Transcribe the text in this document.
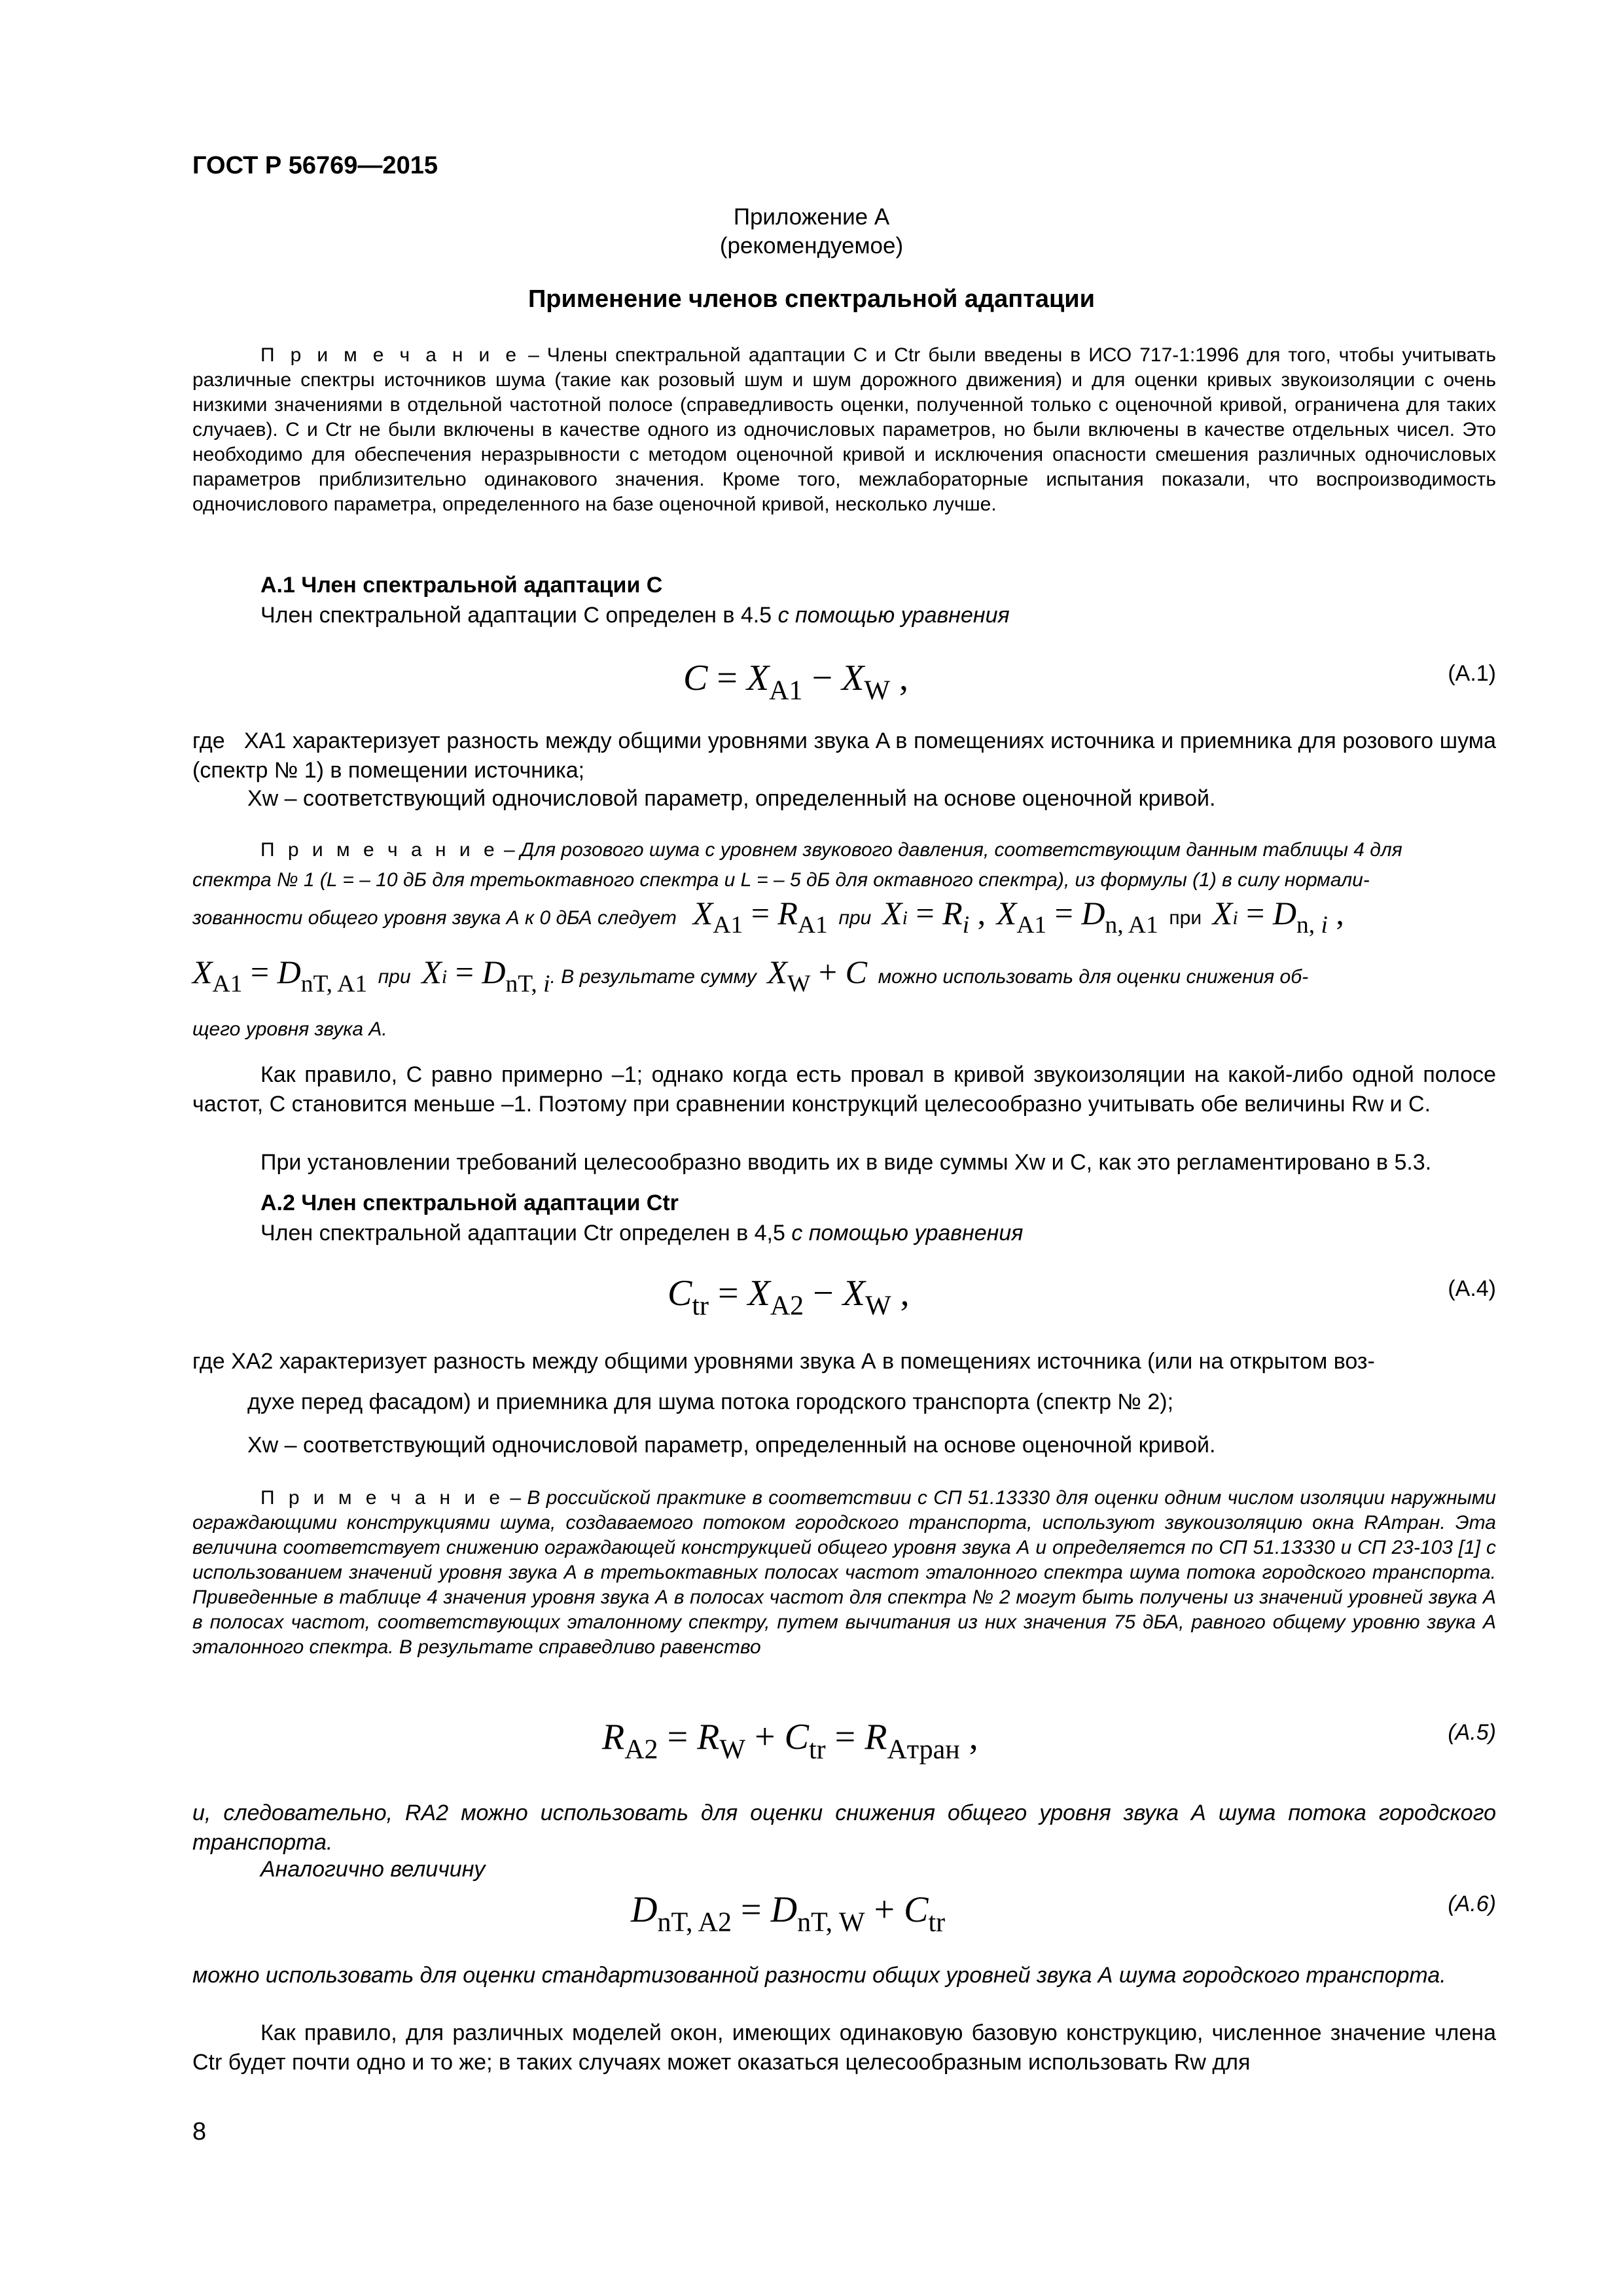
ГОСТ Р 56769—2015
Приложение А
(рекомендуемое)
Применение членов спектральной адаптации
П р и м е ч а н и е – Члены спектральной адаптации C и Ctr были введены в ИСО 717-1:1996 для того, чтобы учитывать различные спектры источников шума (такие как розовый шум и шум дорожного движения) и для оценки кривых звукоизоляции с очень низкими значениями в отдельной частотной полосе (справедливость оценки, полученной только с оценочной кривой, ограничена для таких случаев). C и Ctr не были включены в качестве одного из одночисловых параметров, но были включены в качестве отдельных чисел. Это необходимо для обеспечения неразрывности с методом оценочной кривой и исключения опасности смешения различных одночисловых параметров приблизительно одинакового значения. Кроме того, межлабораторные испытания показали, что воспроизводимость одночислового параметра, определенного на базе оценочной кривой, несколько лучше.
А.1 Член спектральной адаптации C
Член спектральной адаптации C определен в 4.5 с помощью уравнения
$C = X_{A1} - X_W$ ,	(А.1)
где XA1 характеризует разность между общими уровнями звука A в помещениях источника и приемника для розового шума (спектр № 1) в помещении источника;
Xw – соответствующий одночисловой параметр, определенный на основе оценочной кривой.
П р и м е ч а н и е – Для розового шума с уровнем звукового давления, соответствующим данным таблицы 4 для
спектра № 1 (L = – 10 дБ для третьоктавного спектра и L = – 5 дБ для октавного спектра), из формулы (1) в силу нормали-
зованности общего уровня звука А к 0 дБА следует $X_{A1} = R_{A1}$ при $Xi = R_i$ , $X_{A1} = D_{n, A1}$ при $Xi = D_{n, i}$ ,
$X_{A1} = D_{nT, A1}$ при $Xi = D_{nT, i}$. В результате сумму $X_W + C$ можно использовать для оценки снижения об-
щего уровня звука А.
Как правило, C равно примерно –1; однако когда есть провал в кривой звукоизоляции на какой-либо одной полосе частот, C становится меньше –1. Поэтому при сравнении конструкций целесообразно учитывать обе величины Rw и C.
При установлении требований целесообразно вводить их в виде суммы Xw и C, как это регламентировано в 5.3.
А.2 Член спектральной адаптации Ctr
Член спектральной адаптации Ctr определен в 4,5 с помощью уравнения
$C_{tr} = X_{A2} - X_W$ ,	(А.4)
где XA2 характеризует разность между общими уровнями звука А в помещениях источника (или на открытом воз-
духе перед фасадом) и приемника для шума потока городского транспорта (спектр № 2);
Xw – соответствующий одночисловой параметр, определенный на основе оценочной кривой.
П р и м е ч а н и е – В российской практике в соответствии с СП 51.13330 для оценки одним числом изоляции наружными ограждающими конструкциями шума, создаваемого потоком городского транспорта, используют звукоизоляцию окна RAтран. Эта величина соответствует снижению ограждающей конструкцией общего уровня звука А и определяется по СП 51.13330 и СП 23-103 [1] с использованием значений уровня звука А в третьоктавных полосах частот эталонного спектра шума потока городского транспорта. Приведенные в таблице 4 значения уровня звука А в полосах частот для спектра № 2 могут быть получены из значений уровней звука А в полосах частот, соответствующих эталонному спектру, путем вычитания из них значения 75 дБА, равного общему уровню звука А эталонного спектра. В результате справедливо равенство
$R_{A2} = R_W + C_{tr} = R_{Aтран}$ ,	(А.5)
и, следовательно, RA2 можно использовать для оценки снижения общего уровня звука А шума потока городского транспорта.
Аналогично величину
$D_{nT, A2} = D_{nT, W} + C_{tr}$
(А.6)
можно использовать для оценки стандартизованной разности общих уровней звука А шума городского транспорта.
Как правило, для различных моделей окон, имеющих одинаковую базовую конструкцию, численное значение члена Ctr будет почти одно и то же; в таких случаях может оказаться целесообразным использовать Rw для
8
